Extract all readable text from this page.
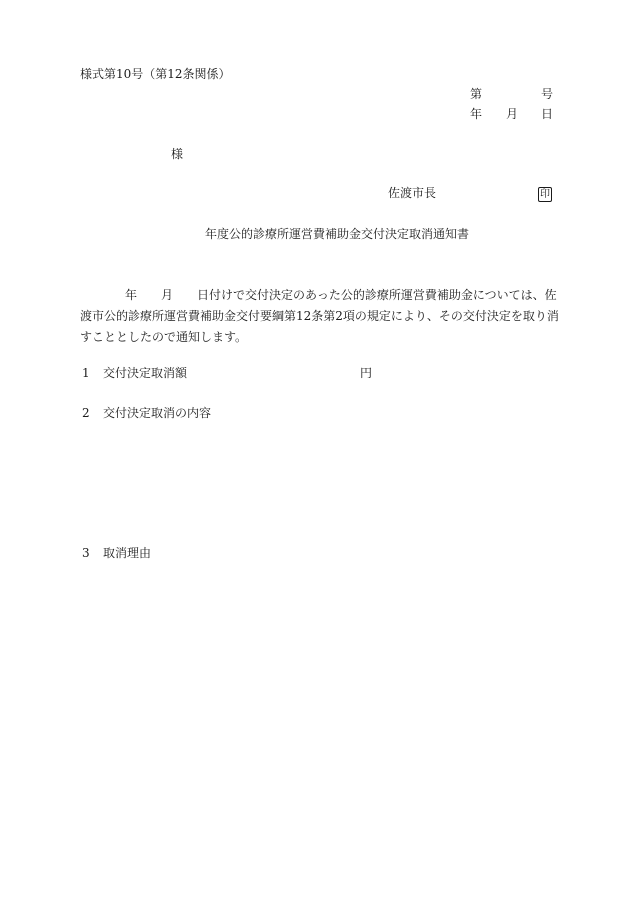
様式第10号（第12条関係）
第	号
年 月 日
様
佐渡市長	印
年度公的診療所運営費補助金交付決定取消通知書
年 月 日付けで交付決定のあった公的診療所運営費補助金については、佐
渡市公的診療所運営費補助金交付要綱第12条第2項の規定により、その交付決定を取り消
すこととしたので通知します。
1 交付決定取消額	円
2 交付決定取消の内容
3 取消理由
